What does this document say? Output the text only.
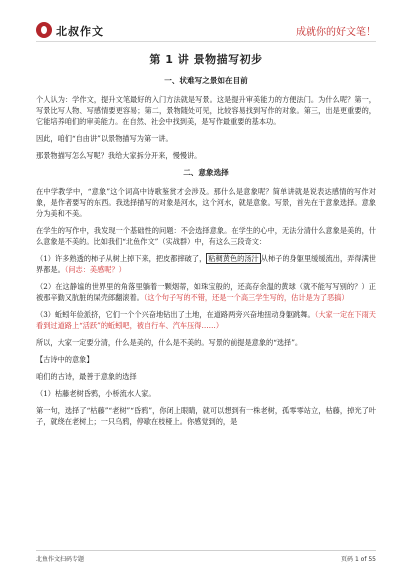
北叔作文	成就你的好文笔！
第 1 讲 景物描写初步
一、状难写之景如在目前

个人认为：学作文，提升文笔最好的入门方法就是写景。这是提升审美能力的方便法门。为什么呢？第一，写景比写人物、写感情要更容易；第二，景物随处可见，比较容易找到写作的对象。第三，出是更重要的，它能培养咱们的审美能力。在自然、社会中找到美，是写作最重要的基本功。

因此，咱们“自由讲”以景物描写为第一讲。

那景物描写怎么写呢？我给大家拆分开来，慢慢讲。

二、意象选择

在中学教学中，“意象”这个词高中诗歌鉴赏才会涉及。那什么是意象呢？简单讲就是说表达感情的写作对象，是作者要写的东西。我选择描写的对象是河水，这个河水，就是意象。写景，首先在于意象选择。意象分为美和不美。

在学生的写作中，我发现一个基础性的问题：不会选择意象。在学生的心中，无法分清什么意象是美的，什么意象是不美的。比如我们“北鱼作文”（实战群）中，有这么三段奇文：

（1）许多熟透的柿子从树上掉下来，把皮都摔破了， 粘稠黄色的汤汁 从柿子的身躯里缓缓流出，弄得满世界都是。（问志：美感呢？）

（2）在这静谧的世界里的角落里躺着一颗烟蒂，如珠宝般的，还高存余温的黄球（就不能写写别的？）正被那辛勤又肮脏的屎壳郎翻滚着。（这个句子写的不错，还是一个高三学生写的，估计是为了恶搞）

（3）蚯蚓年俭派挤，它们一个个兴奋地钻出了土地，在道路两旁兴奋地扭动身躯跳舞。（大家一定在下雨天看到过道路上“活跃”的蚯蚓吧，被自行车、汽车压得……）

所以，大家一定要分清，什么是美的，什么是不美的。写景的前提是意象的“选择”。

【古诗中的意象】

咱们的古诗，最善于意象的选择

（1）枯藤老树昏鸦，小桥流水人家。

第一句，选择了“枯藤”“老树”“昏鸦”，你闭上眼睛，就可以想到有一株老树，孤零零站立，枯藤，掉光了叶子，就绕在老树上；一只乌鸦，停歇在枝桠上。你感觉到的，是

北鱼作文扫码专题	页码 1 of 55
